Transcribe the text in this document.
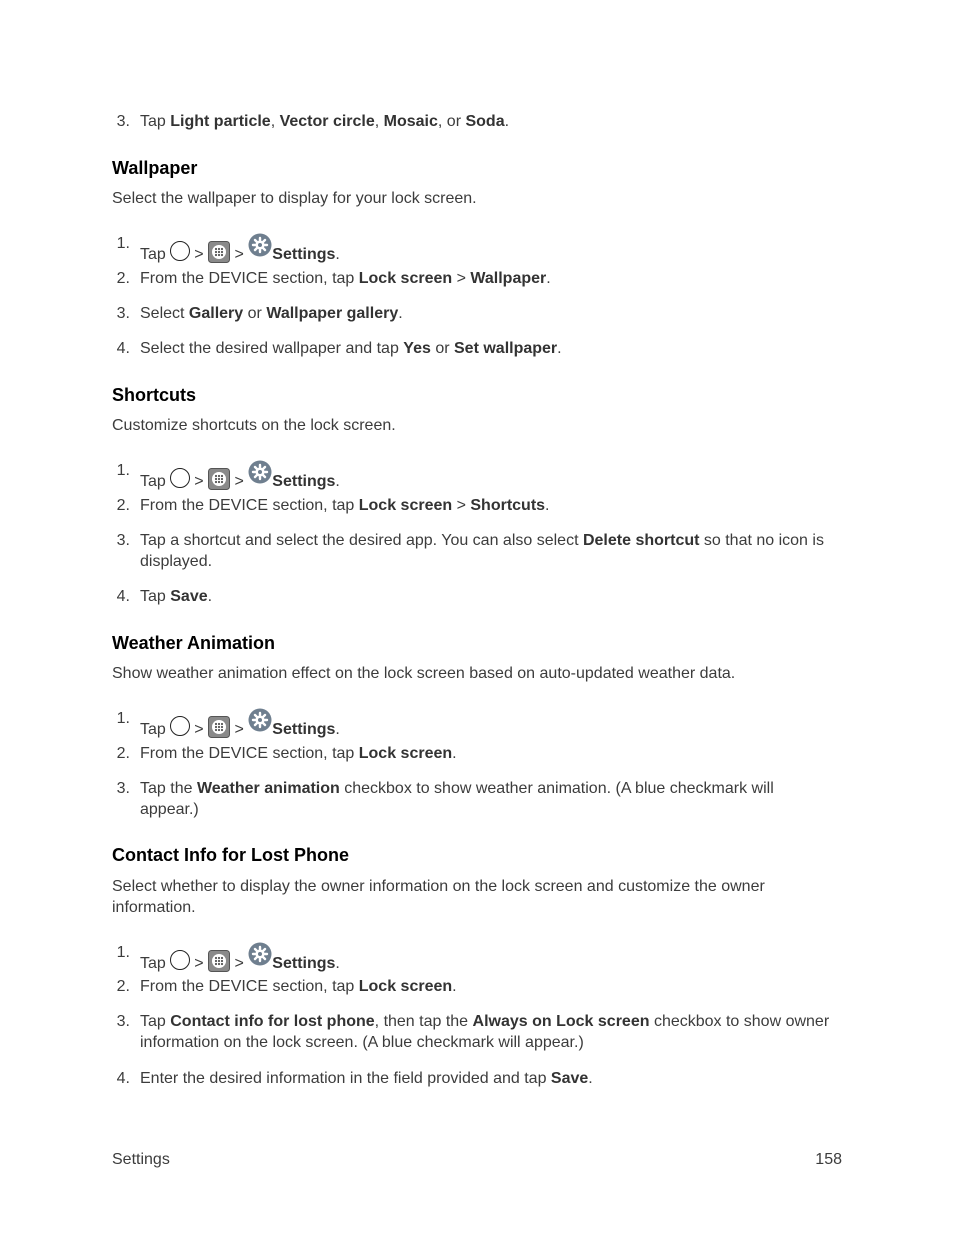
3. Tap Light particle, Vector circle, Mosaic, or Soda.
Wallpaper

Select the wallpaper to display for your lock screen.

1.
Tap > > Settings.
2. From the DEVICE section, tap Lock screen > Wallpaper.
3. Select Gallery or Wallpaper gallery.
4. Select the desired wallpaper and tap Yes or Set wallpaper.
Shortcuts

Customize shortcuts on the lock screen.

1.
Tap > > Settings.
2. From the DEVICE section, tap Lock screen > Shortcuts.
3. Tap a shortcut and select the desired app. You can also select Delete shortcut so that no icon is displayed.
4. Tap Save.
Weather Animation

Show weather animation effect on the lock screen based on auto-updated weather data.

1.
Tap > > Settings.
2. From the DEVICE section, tap Lock screen.
3. Tap the Weather animation checkbox to show weather animation. (A blue checkmark will appear.)
Contact Info for Lost Phone

Select whether to display the owner information on the lock screen and customize the owner information.

1.
Tap > > Settings.
2. From the DEVICE section, tap Lock screen.
3. Tap Contact info for lost phone, then tap the Always on Lock screen checkbox to show owner information on the lock screen. (A blue checkmark will appear.)
4. Enter the desired information in the field provided and tap Save.
Settings	158
